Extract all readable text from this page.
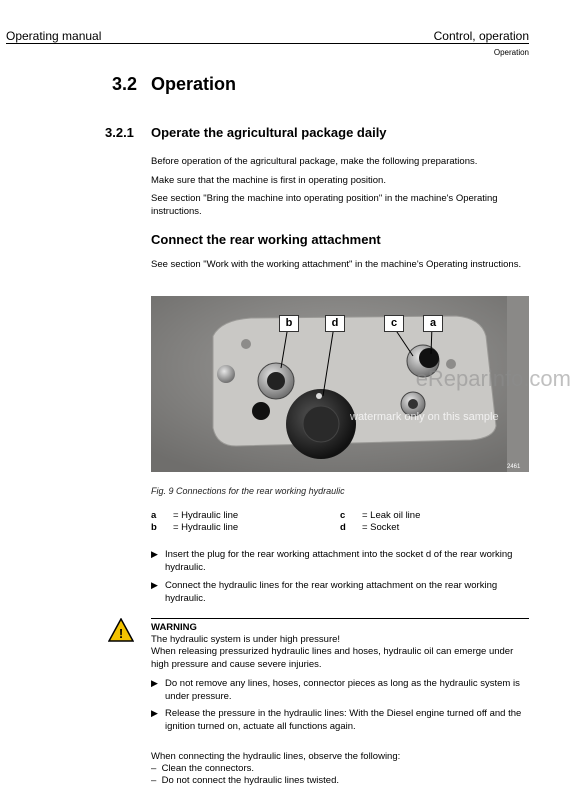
Operating manual	Control, operation
Operation
3.2 Operation
3.2.1 Operate the agricultural package daily
Before operation of the agricultural package, make the following preparations.
Make sure that the machine is first in operating position.
See section "Bring the machine into operating position" in the machine's Operating instructions.
Connect the rear working attachment
See section "Work with the working attachment" in the machine's Operating instructions.
2461
b	d	c	a
eReparinfo.com
watermark only on this sample
Fig. 9 Connections for the rear working hydraulic
a = Hydraulic line
b = Hydraulic line
c = Leak oil line
d = Socket
▶ Insert the plug for the rear working attachment into the socket d of the rear working hydraulic.
▶ Connect the hydraulic lines for the rear working attachment on the rear working hydraulic.
!	WARNING
The hydraulic system is under high pressure!
When releasing pressurized hydraulic lines and hoses, hydraulic oil can emerge under high pressure and cause severe injuries.
▶ Do not remove any lines, hoses, connector pieces as long as the hydraulic system is under pressure.
▶ Release the pressure in the hydraulic lines: With the Diesel engine turned off and the ignition turned on, actuate all functions again.
When connecting the hydraulic lines, observe the following:
– Clean the connectors.
– Do not connect the hydraulic lines twisted.
